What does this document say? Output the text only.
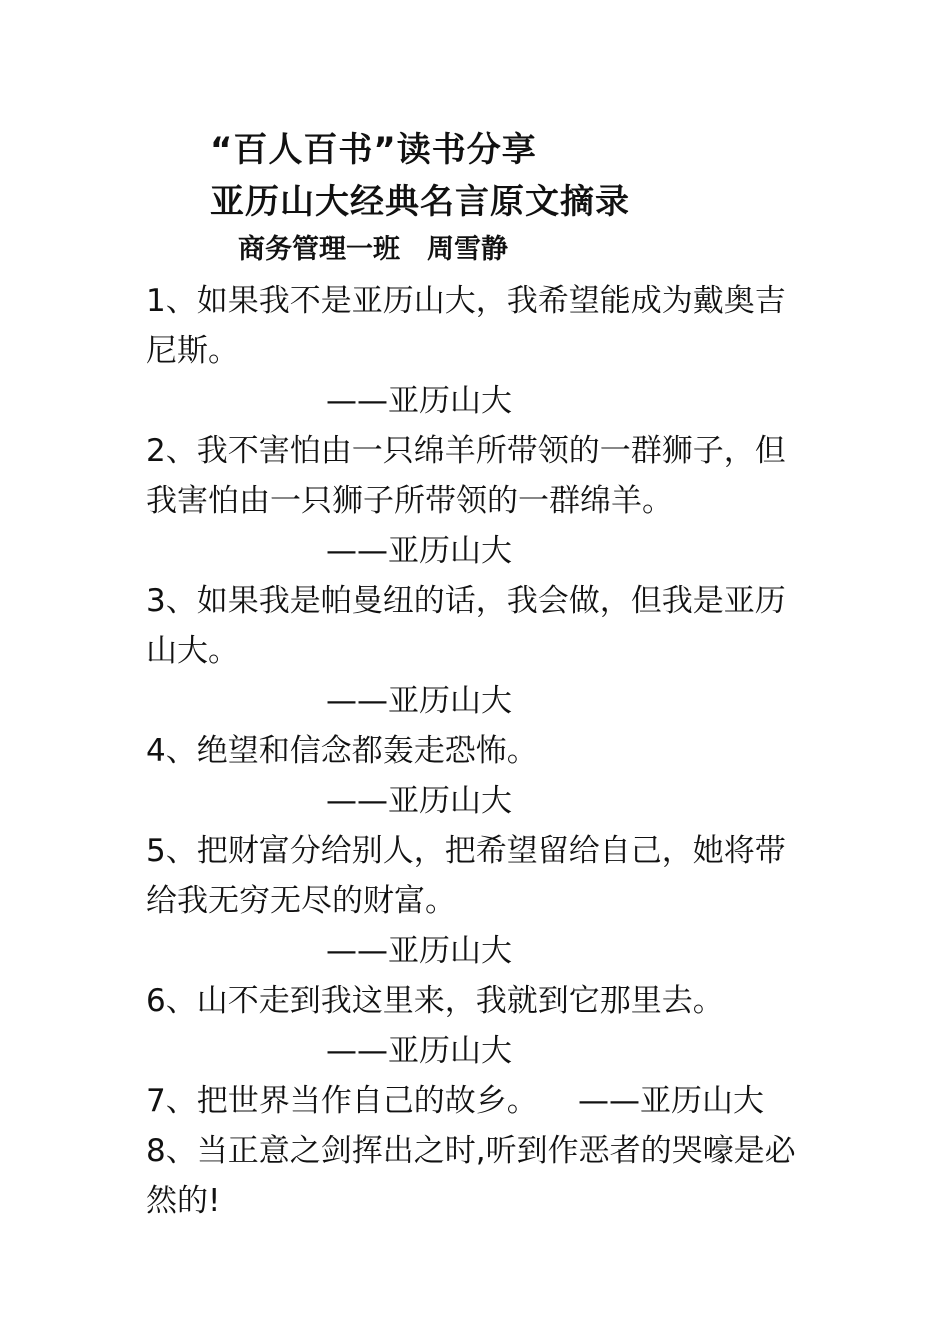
“百人百书”读书分享
亚历山大经典名言原文摘录
商务管理一班　周雪静
1、如果我不是亚历山大，我希望能成为戴奥吉尼斯。
——亚历山大
2、我不害怕由一只绵羊所带领的一群狮子，但我害怕由一只狮子所带领的一群绵羊。
——亚历山大
3、如果我是帕曼纽的话，我会做，但我是亚历山大。
——亚历山大
4、绝望和信念都轰走恐怖。
——亚历山大
5、把财富分给别人，把希望留给自己，她将带给我无穷无尽的财富。
——亚历山大
6、山不走到我这里来，我就到它那里去。
——亚历山大
7、把世界当作自己的故乡。	——亚历山大
8、当正意之剑挥出之时,听到作恶者的哭嚎是必然的!
